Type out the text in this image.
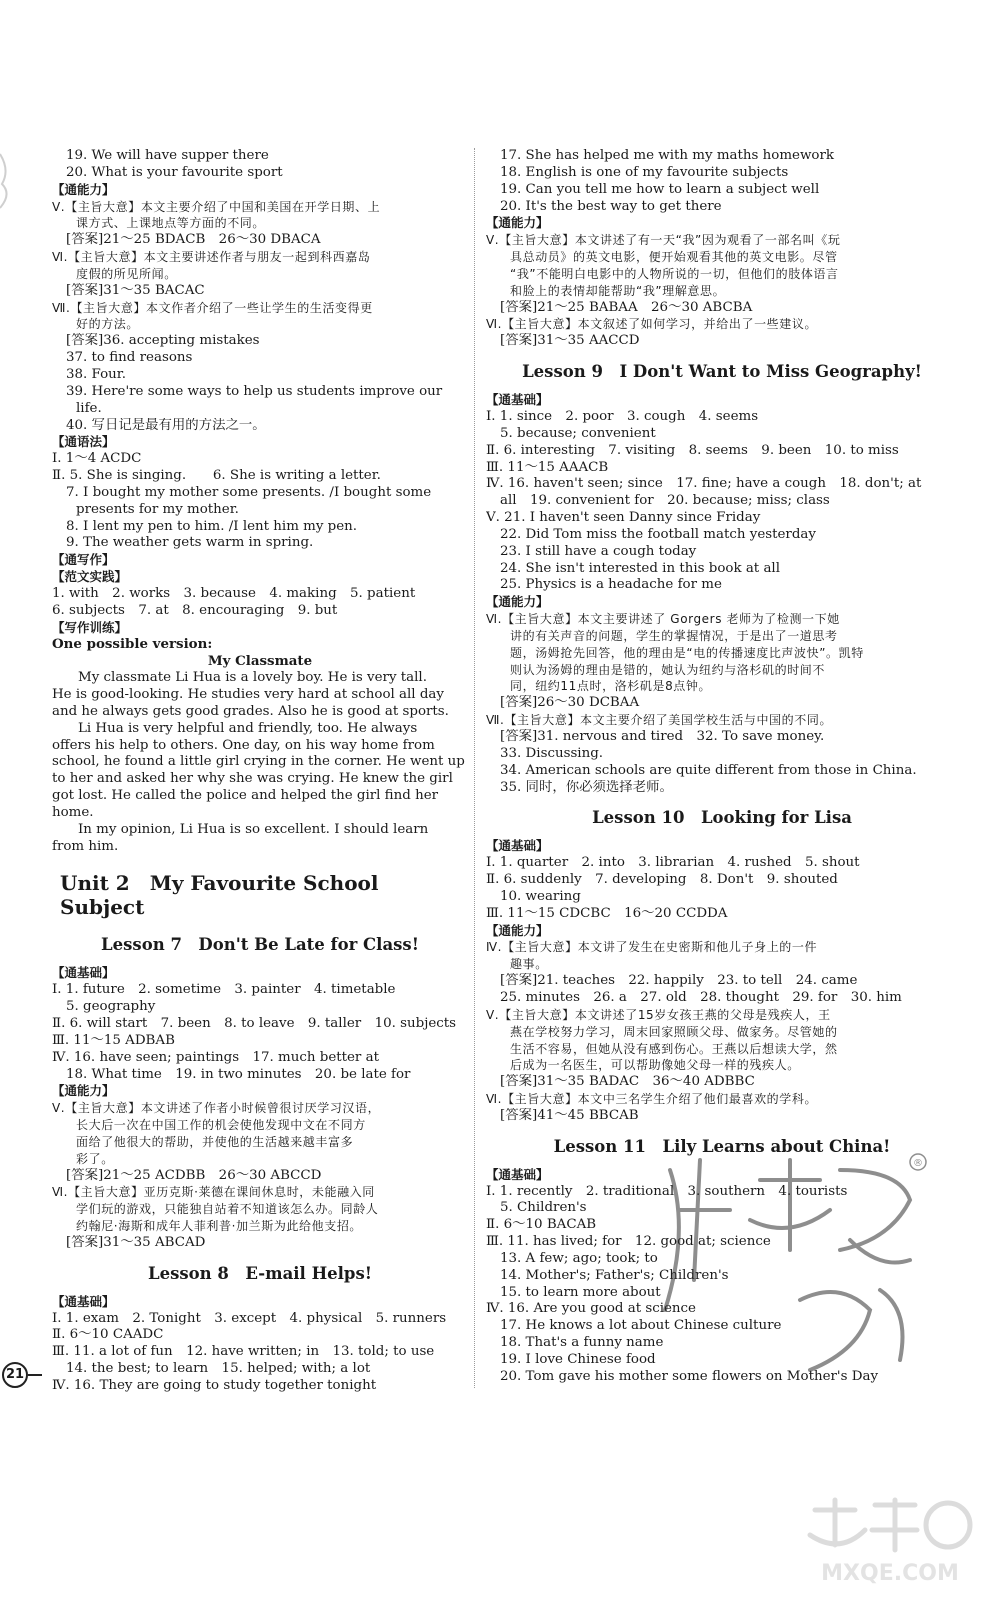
19. We will have supper there
20. What is your favourite sport
【通能力】
Ⅴ.【主旨大意】本文主要介绍了中国和美国在开学日期、上
课方式、上课地点等方面的不同。
[答案]21～25 BDACB　26～30 DBACA
Ⅵ.【主旨大意】本文主要讲述作者与朋友一起到科西嘉岛
度假的所见所闻。
[答案]31～35 BACAC
Ⅶ.【主旨大意】本文作者介绍了一些让学生的生活变得更
好的方法。
[答案]36. accepting mistakes
37. to find reasons
38. Four.
39. Here're some ways to help us students improve our
life.
40. 写日记是最有用的方法之一。
【通语法】
Ⅰ. 1～4 ACDC
Ⅱ. 5. She is singing.　　6. She is writing a letter.
7. I bought my mother some presents. /I bought some
presents for my mother.
8. I lent my pen to him. /I lent him my pen.
9. The weather gets warm in spring.
【通写作】
【范文实践】
1. with　2. works　3. because　4. making　5. patient
6. subjects　7. at　8. encouraging　9. but
【写作训练】
One possible version:
My Classmate
My classmate Li Hua is a lovely boy. He is very tall.
He is good-looking. He studies very hard at school all day
and he always gets good grades. Also he is good at sports.
Li Hua is very helpful and friendly, too. He always
offers his help to others. One day, on his way home from
school, he found a little girl crying in the corner. He went up
to her and asked her why she was crying. He knew the girl
got lost. He called the police and helped the girl find her
home.
In my opinion, Li Hua is so excellent. I should learn
from him.
Unit 2　My Favourite School Subject
Lesson 7　Don't Be Late for Class!
【通基础】
Ⅰ. 1. future　2. sometime　3. painter　4. timetable
5. geography
Ⅱ. 6. will start　7. been　8. to leave　9. taller　10. subjects
Ⅲ. 11～15 ADBAB
Ⅳ. 16. have seen; paintings　17. much better at
18. What time　19. in two minutes　20. be late for
【通能力】
Ⅴ.【主旨大意】本文讲述了作者小时候曾很讨厌学习汉语，
长大后一次在中国工作的机会使他发现中文在不同方
面给了他很大的帮助，并使他的生活越来越丰富多
彩了。
[答案]21～25 ACDBB　26～30 ABCCD
Ⅵ.【主旨大意】亚历克斯·莱德在课间休息时，未能融入同
学们玩的游戏，只能独自站着不知道该怎么办。同龄人
约翰尼·海斯和成年人菲利普·加兰斯为此给他支招。
[答案]31～35 ABCAD
Lesson 8　E-mail Helps!
【通基础】
Ⅰ. 1. exam　2. Tonight　3. except　4. physical　5. runners
Ⅱ. 6～10 CAADC
Ⅲ. 11. a lot of fun　12. have written; in　13. told; to use
14. the best; to learn　15. helped; with; a lot
Ⅳ. 16. They are going to study together tonight
17. She has helped me with my maths homework
18. English is one of my favourite subjects
19. Can you tell me how to learn a subject well
20. It's the best way to get there
【通能力】
Ⅴ.【主旨大意】本文讲述了有一天“我”因为观看了一部名叫《玩
具总动员》的英文电影，便开始观看其他的英文电影。尽管
“我”不能明白电影中的人物所说的一切，但他们的肢体语言
和脸上的表情却能帮助“我”理解意思。
[答案]21～25 BABAA　26～30 ABCBA
Ⅵ.【主旨大意】本文叙述了如何学习，并给出了一些建议。
[答案]31～35 AACCD
Lesson 9　I Don't Want to Miss Geography!
【通基础】
Ⅰ. 1. since　2. poor　3. cough　4. seems
5. because; convenient
Ⅱ. 6. interesting　7. visiting　8. seems　9. been　10. to miss
Ⅲ. 11～15 AAACB
Ⅳ. 16. haven't seen; since　17. fine; have a cough　18. don't; at
all　19. convenient for　20. because; miss; class
Ⅴ. 21. I haven't seen Danny since Friday
22. Did Tom miss the football match yesterday
23. I still have a cough today
24. She isn't interested in this book at all
25. Physics is a headache for me
【通能力】
Ⅵ.【主旨大意】本文主要讲述了 Gorgers 老师为了检测一下她
讲的有关声音的问题，学生的掌握情况，于是出了一道思考
题，汤姆抢先回答，他的理由是“电的传播速度比声波快”。凯特
则认为汤姆的理由是错的，她认为纽约与洛杉矶的时间不
同，纽约11点时，洛杉矶是8点钟。
[答案]26～30 DCBAA
Ⅶ.【主旨大意】本文主要介绍了美国学校生活与中国的不同。
[答案]31. nervous and tired　32. To save money.
33. Discussing.
34. American schools are quite different from those in China.
35. 同时，你必须选择老师。
Lesson 10　Looking for Lisa
【通基础】
Ⅰ. 1. quarter　2. into　3. librarian　4. rushed　5. shout
Ⅱ. 6. suddenly　7. developing　8. Don't　9. shouted
10. wearing
Ⅲ. 11～15 CDCBC　16～20 CCDDA
【通能力】
Ⅳ.【主旨大意】本文讲了发生在史密斯和他儿子身上的一件
趣事。
[答案]21. teaches　22. happily　23. to tell　24. came
25. minutes　26. a　27. old　28. thought　29. for　30. him
Ⅴ.【主旨大意】本文讲述了15岁女孩王燕的父母是残疾人，王
燕在学校努力学习，周末回家照顾父母、做家务。尽管她的
生活不容易，但她从没有感到伤心。王燕以后想读大学，然
后成为一名医生，可以帮助像她父母一样的残疾人。
[答案]31～35 BADAC　36～40 ADBBC
Ⅵ.【主旨大意】本文中三名学生介绍了他们最喜欢的学科。
[答案]41～45 BBCAB
Lesson 11　Lily Learns about China!
【通基础】
Ⅰ. 1. recently　2. traditional　3. southern　4. tourists
5. Children's
Ⅱ. 6～10 BACAB
Ⅲ. 11. has lived; for　12. good at; science
13. A few; ago; took; to
14. Mother's; Father's; Children's
15. to learn more about
Ⅳ. 16. Are you good at science
17. He knows a lot about Chinese culture
18. That's a funny name
19. I love Chinese food
20. Tom gave his mother some flowers on Mother's Day
21
®
MXQE.COM
